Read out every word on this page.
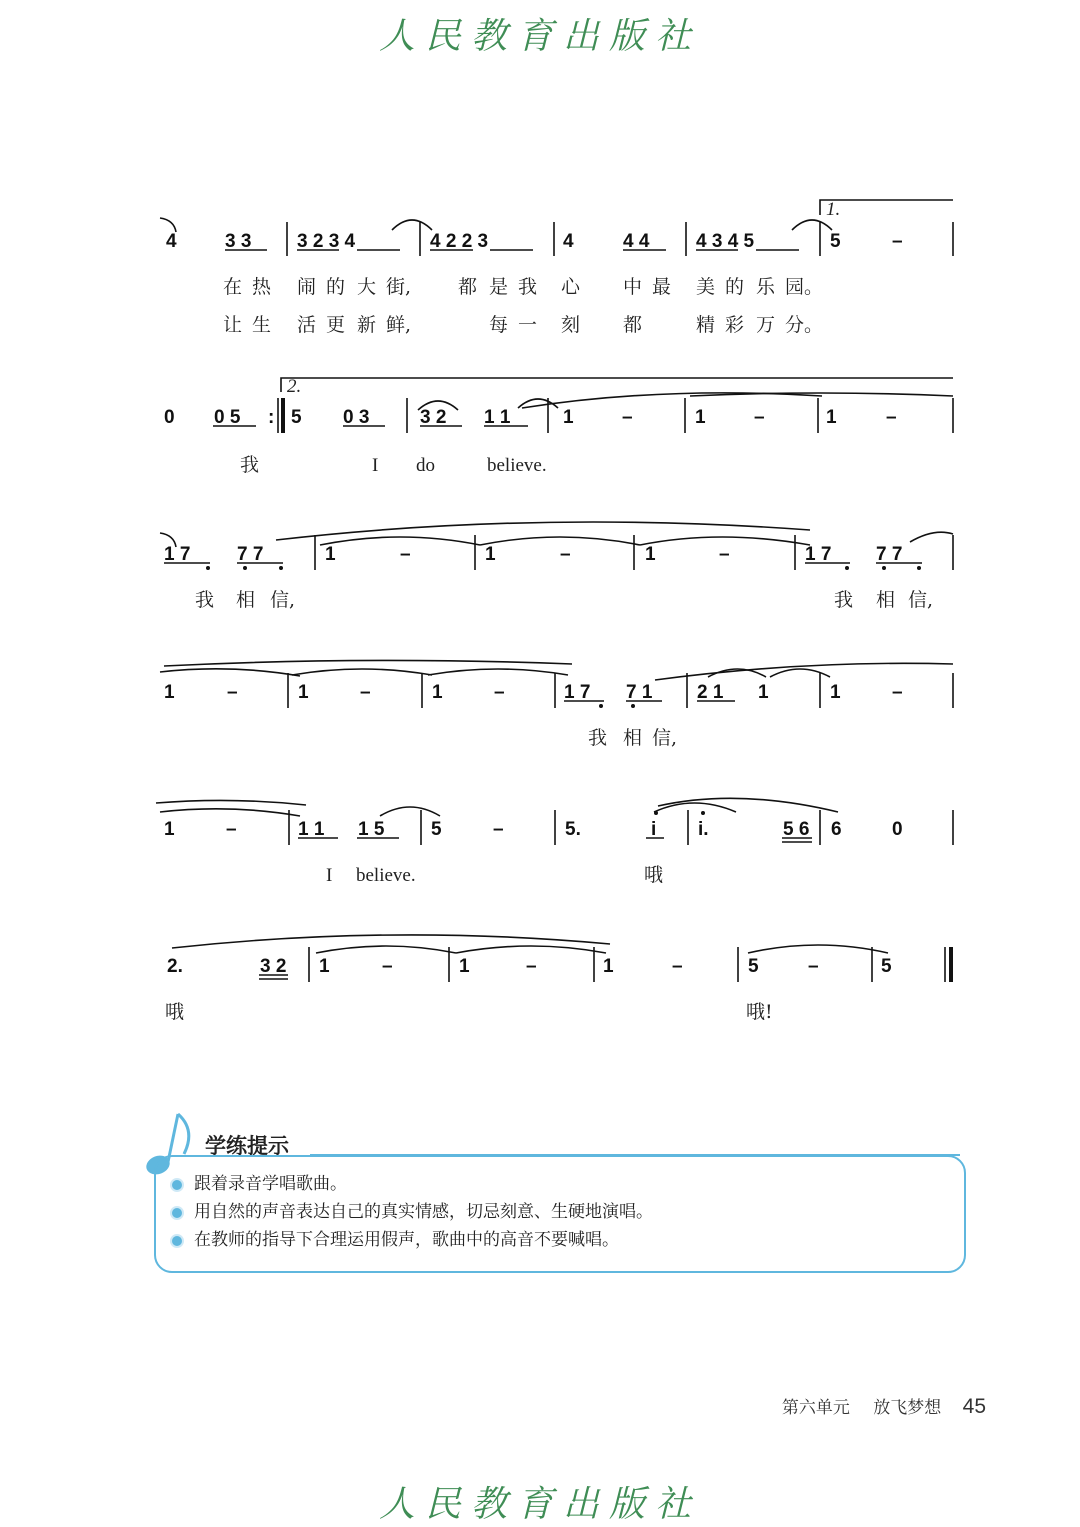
人民教育出版社
1.
2.
:
4	3 3 3 2 3 4	4 2 2 3	4	4 4 4 3 4 5	5	–
在 热 闹 的 大 街, 都 是 我 心 中 最 美 的 乐 园。
让 生 活 更 新 鲜,	每 一 刻 都	精 彩 万 分。
0 0 5	5 0 3	3 2 1 1	1	–	1	–	1	–
我	I do	believe.
1 7 7 7	1	–	1	–	1	–	1 7 7 7
我 相 信,	我 相 信,
1	–	1	–	1	–	1 7 7 1 2 1 1	1	–
我 相 信,
1	–	1 1 1 5 5	–	5.	i i.	5 6 6	0
I believe.	哦
2.	3 2 1	–	1	–	1	–	5	–	5
哦	哦!
学练提示
跟着录音学唱歌曲。
用自然的声音表达自己的真实情感，切忌刻意、生硬地演唱。
在教师的指导下合理运用假声，歌曲中的高音不要喊唱。
第六单元 放飞梦想 45
人民教育出版社
